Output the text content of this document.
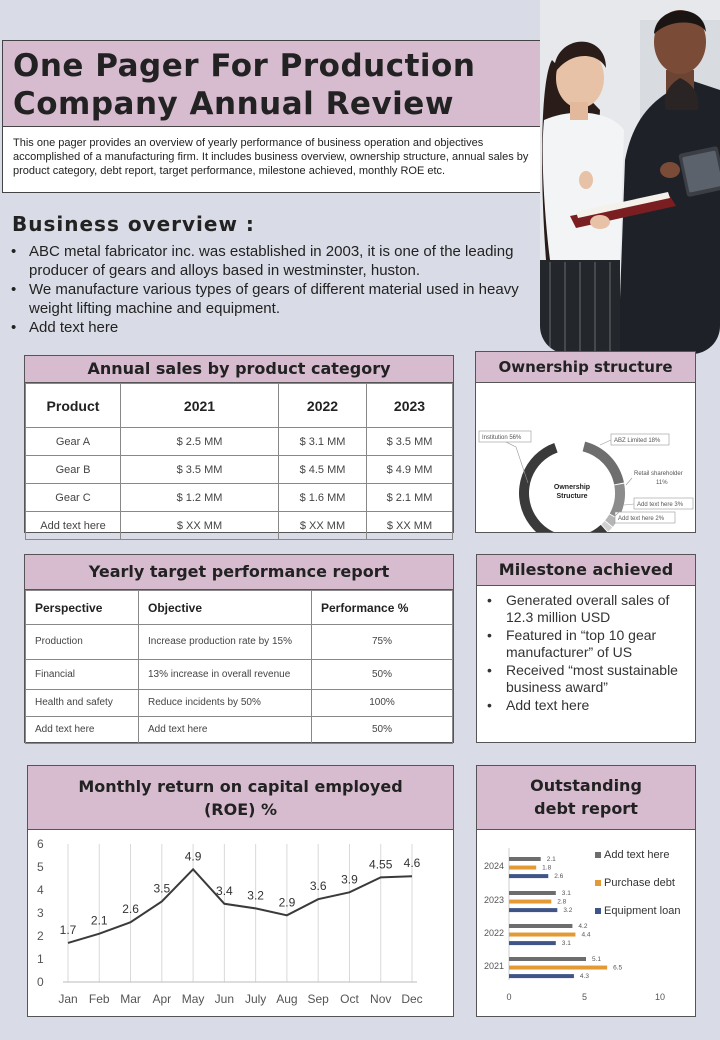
One Pager For Production
Company Annual Review
This one pager provides an overview of yearly performance of business operation and objectives accomplished of a manufacturing firm. It includes business overview, ownership structure, annual sales by product category, debt report, target performance, milestone achieved, monthly ROE etc.
Business overview :
• ABC metal fabricator inc. was established in 2003, it is one of the leading producer of gears and alloys based in westminster, huston.
• We manufacture various types of gears of different material used in heavy weight lifting machine and equipment.
• Add text here
Annual sales by product category
Product	2021	2022	2023
Gear A	$ 2.5 MM	$ 3.1 MM	$ 3.5 MM
Gear B	$ 3.5 MM	$ 4.5 MM	$ 4.9 MM
Gear C	$ 1.2 MM	$ 1.6 MM	$ 2.1 MM
Add text here	$ XX MM	$ XX MM	$ XX MM
Ownership structure
Ownership
Structure
Institution 56%	ABZ Limited 18%
Retail shareholder
11%
Add text here 3%
Add text here 2%
Yearly target performance report
Perspective	Objective	Performance %
Production	Increase production rate by 15%	75%
Financial	13% increase in overall revenue	50%
Health and safety	Reduce incidents by 50%	100%
Add text here	Add text here	50%
Milestone achieved
• Generated overall sales of 12.3 million USD
• Featured in “top 10 gear manufacturer” of US
• Received “most sustainable business award”
• Add text here
Monthly return on capital employed
(ROE) %
0
1
2
3
4
5
6
Jan Feb Mar Apr May Jun July Aug Sep Oct Nov Dec
1.7
2.1
2.6
3.5
4.9
3.4 3.2 2.9
3.6 3.9
4.55 4.6
Outstanding
debt report
2021
5.1
6.5
4.3
2022
4.2
4.4
3.1
2023
3.1
2.8
3.2
2024
2.1
1.8
2.6
0	5	10
Add text here
Purchase debt
Equipment loan
